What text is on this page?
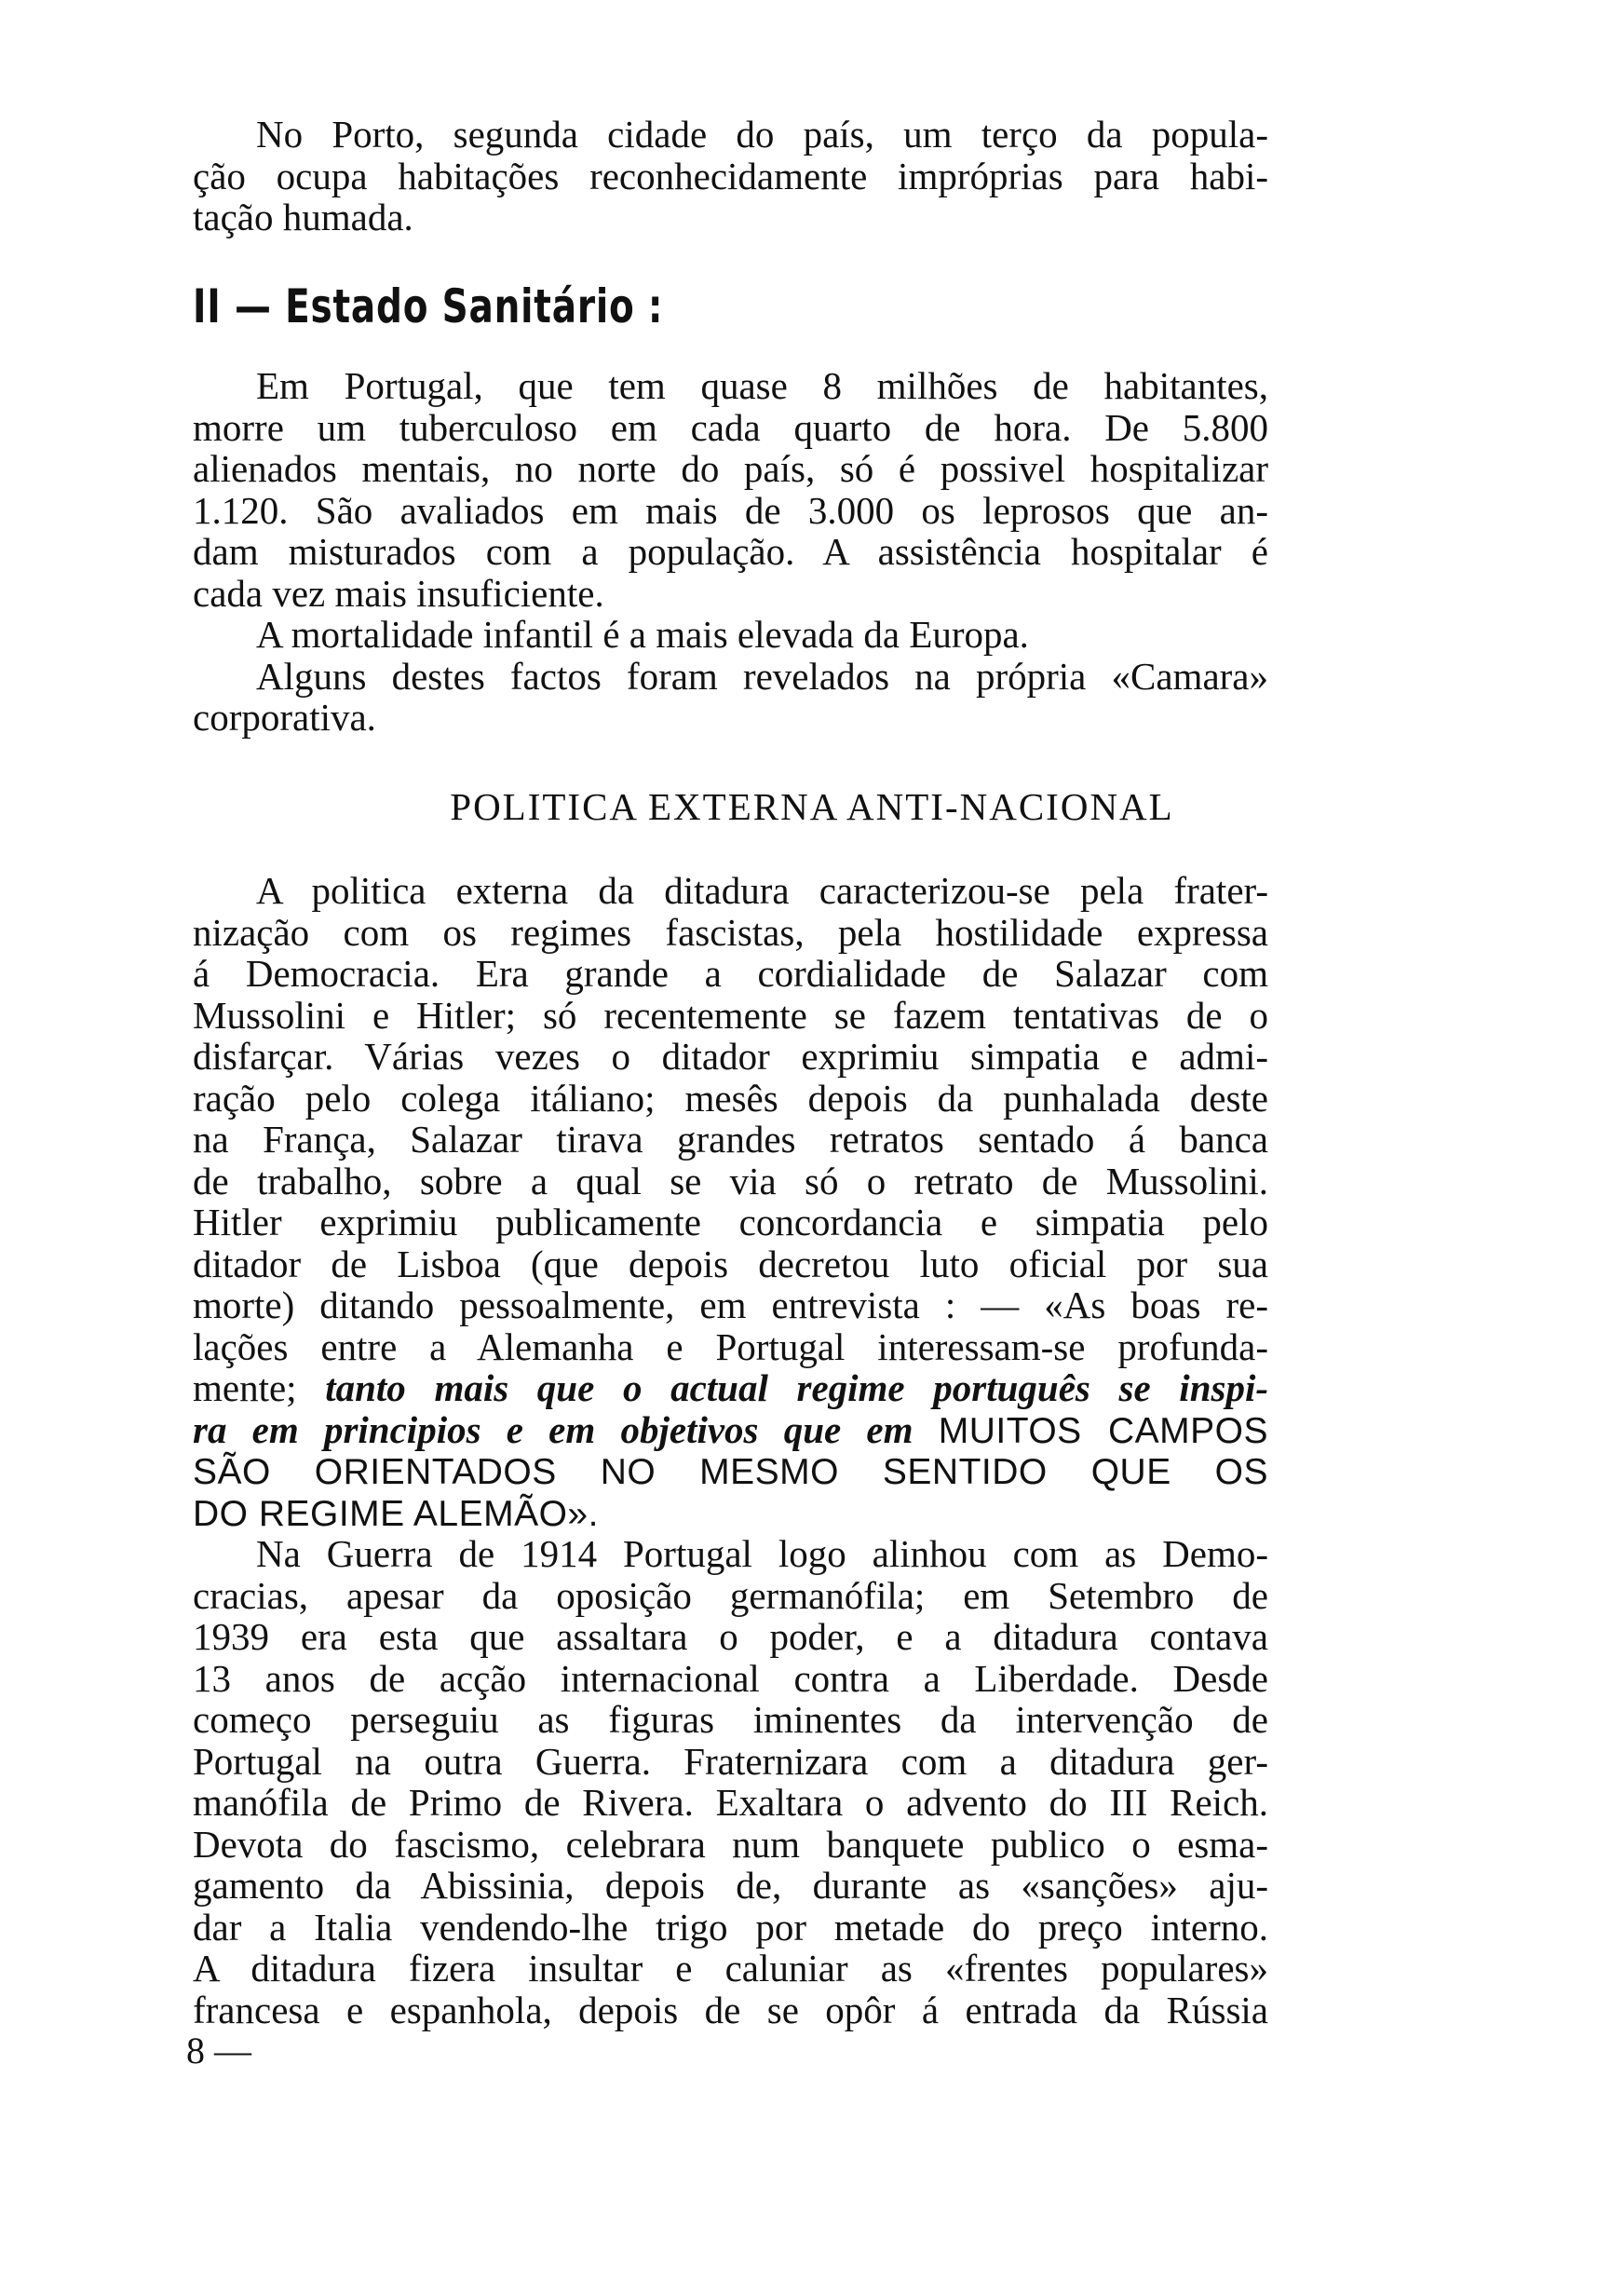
No Porto, segunda cidade do país, um terço da popula-
ção ocupa habitações reconhecidamente impróprias para habi-
tação humada.
II — Estado Sanitário :
Em Portugal, que tem quase 8 milhões de habitantes,
morre um tuberculoso em cada quarto de hora. De 5.800
alienados mentais, no norte do país, só é possivel hospitalizar
1.120. São avaliados em mais de 3.000 os leprosos que an-
dam misturados com a população. A assistência hospitalar é
cada vez mais insuficiente.
A mortalidade infantil é a mais elevada da Europa.
Alguns destes factos foram revelados na própria «Camara»
corporativa.
POLITICA EXTERNA ANTI-NACIONAL
A politica externa da ditadura caracterizou-se pela frater-
nização com os regimes fascistas, pela hostilidade expressa
á Democracia. Era grande a cordialidade de Salazar com
Mussolini e Hitler; só recentemente se fazem tentativas de o
disfarçar. Várias vezes o ditador exprimiu simpatia e admi-
ração pelo colega itáliano; mesês depois da punhalada deste
na França, Salazar tirava grandes retratos sentado á banca
de trabalho, sobre a qual se via só o retrato de Mussolini.
Hitler exprimiu publicamente concordancia e simpatia pelo
ditador de Lisboa (que depois decretou luto oficial por sua
morte) ditando pessoalmente, em entrevista : — «As boas re-
lações entre a Alemanha e Portugal interessam-se profunda-
mente; tanto mais que o actual regime português se inspi-
ra em principios e em objetivos que em MUITOS CAMPOS
SÃO ORIENTADOS NO MESMO SENTIDO QUE OS
DO REGIME ALEMÃO».
Na Guerra de 1914 Portugal logo alinhou com as Demo-
cracias, apesar da oposição germanófila; em Setembro de
1939 era esta que assaltara o poder, e a ditadura contava
13 anos de acção internacional contra a Liberdade. Desde
começo perseguiu as figuras iminentes da intervenção de
Portugal na outra Guerra. Fraternizara com a ditadura ger-
manófila de Primo de Rivera. Exaltara o advento do III Reich.
Devota do fascismo, celebrara num banquete publico o esma-
gamento da Abissinia, depois de, durante as «sanções» aju-
dar a Italia vendendo-lhe trigo por metade do preço interno.
A ditadura fizera insultar e caluniar as «frentes populares»
francesa e espanhola, depois de se opôr á entrada da Rússia
8 —
